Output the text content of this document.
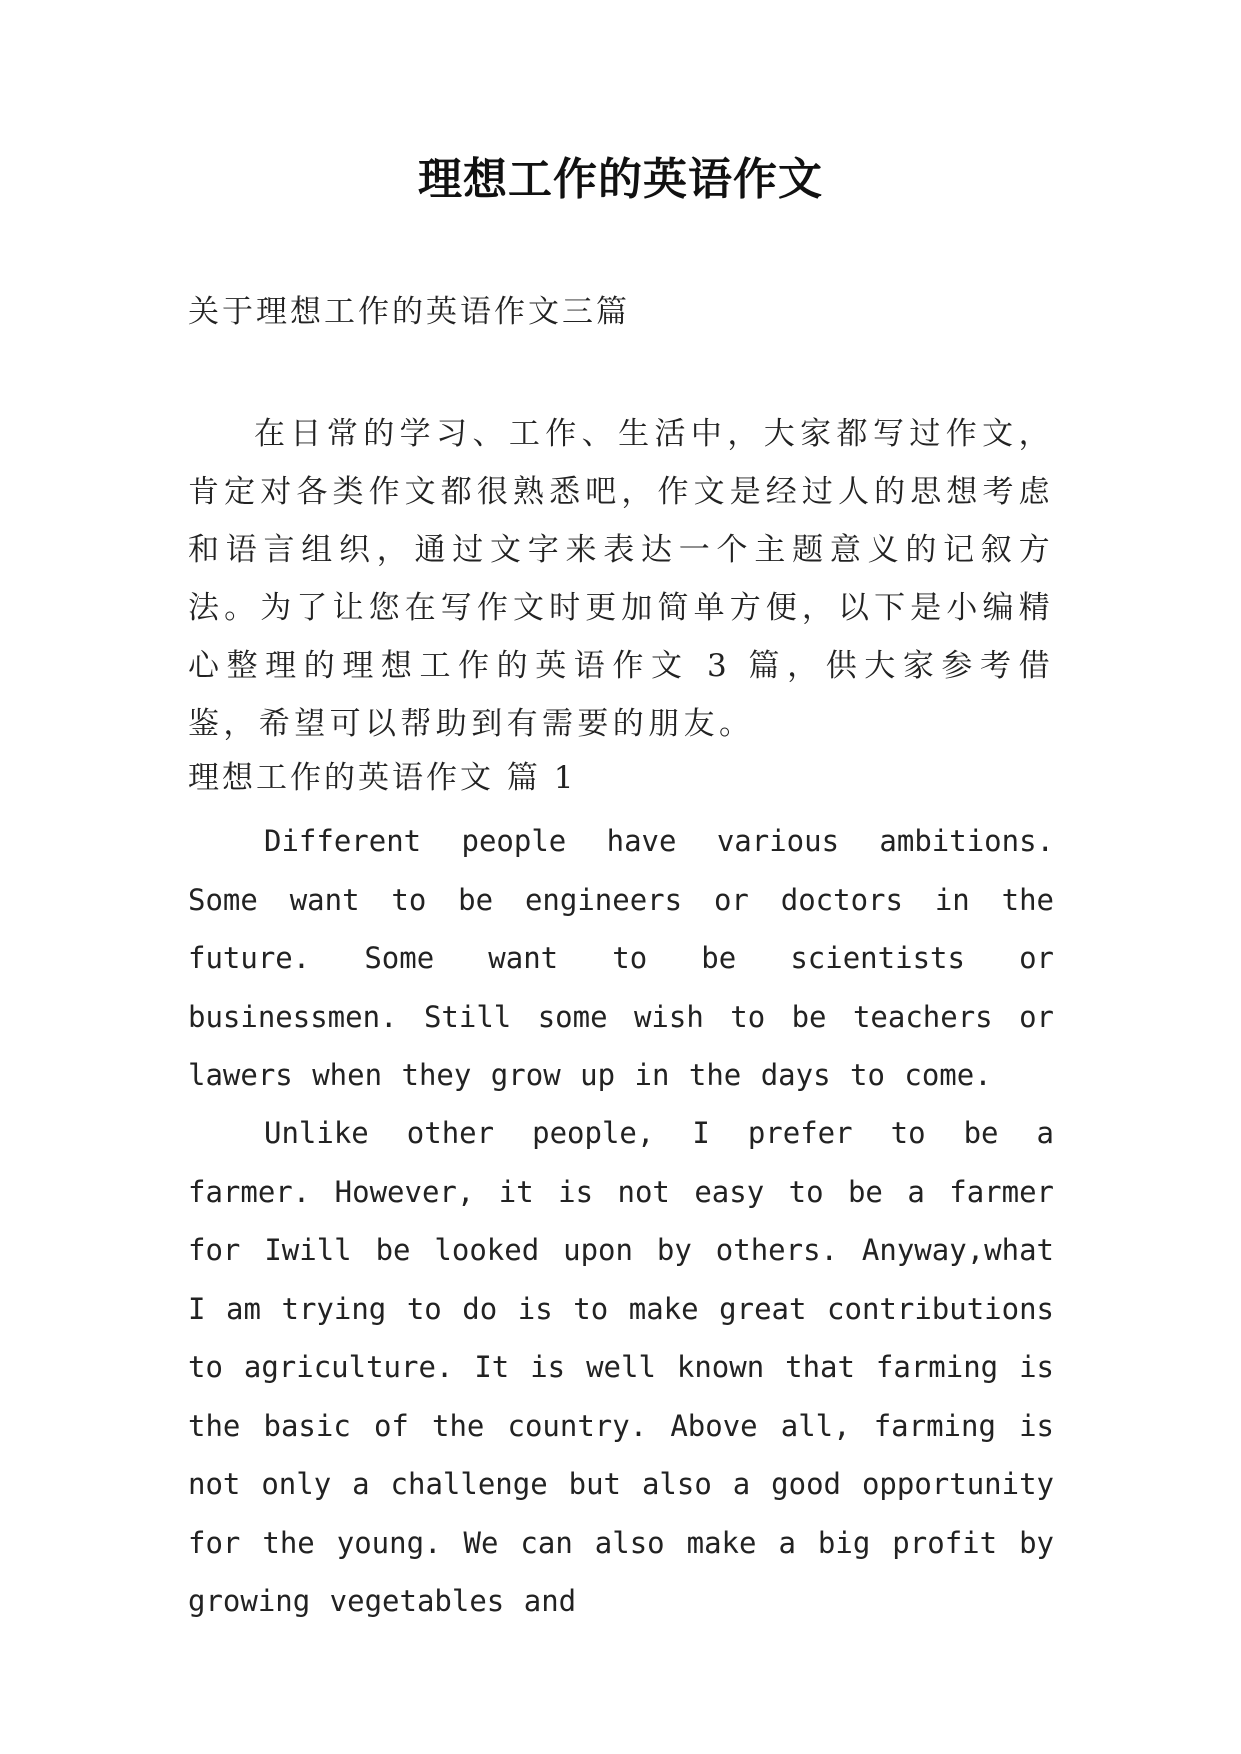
理想工作的英语作文
关于理想工作的英语作文三篇
在日常的学习、工作、生活中，大家都写过作文，肯定对各类作文都很熟悉吧，作文是经过人的思想考虑和语言组织，通过文字来表达一个主题意义的记叙方法。为了让您在写作文时更加简单方便，以下是小编精心整理的理想工作的英语作文 3 篇，供大家参考借鉴，希望可以帮助到有需要的朋友。
理想工作的英语作文 篇 1
Different people have various ambitions. Some want to be engineers or doctors in the future. Some want to be scientists or businessmen. Still some wish to be teachers or lawers when they grow up in the days to come.
Unlike other people, I prefer to be a farmer. However, it is not easy to be a farmer for Iwill be looked upon by others. Anyway,what I am trying to do is to make great contributions to agriculture. It is well known that farming is the basic of the country. Above all, farming is not only a challenge but also a good opportunity for the young. We can also make a big profit by growing vegetables and
